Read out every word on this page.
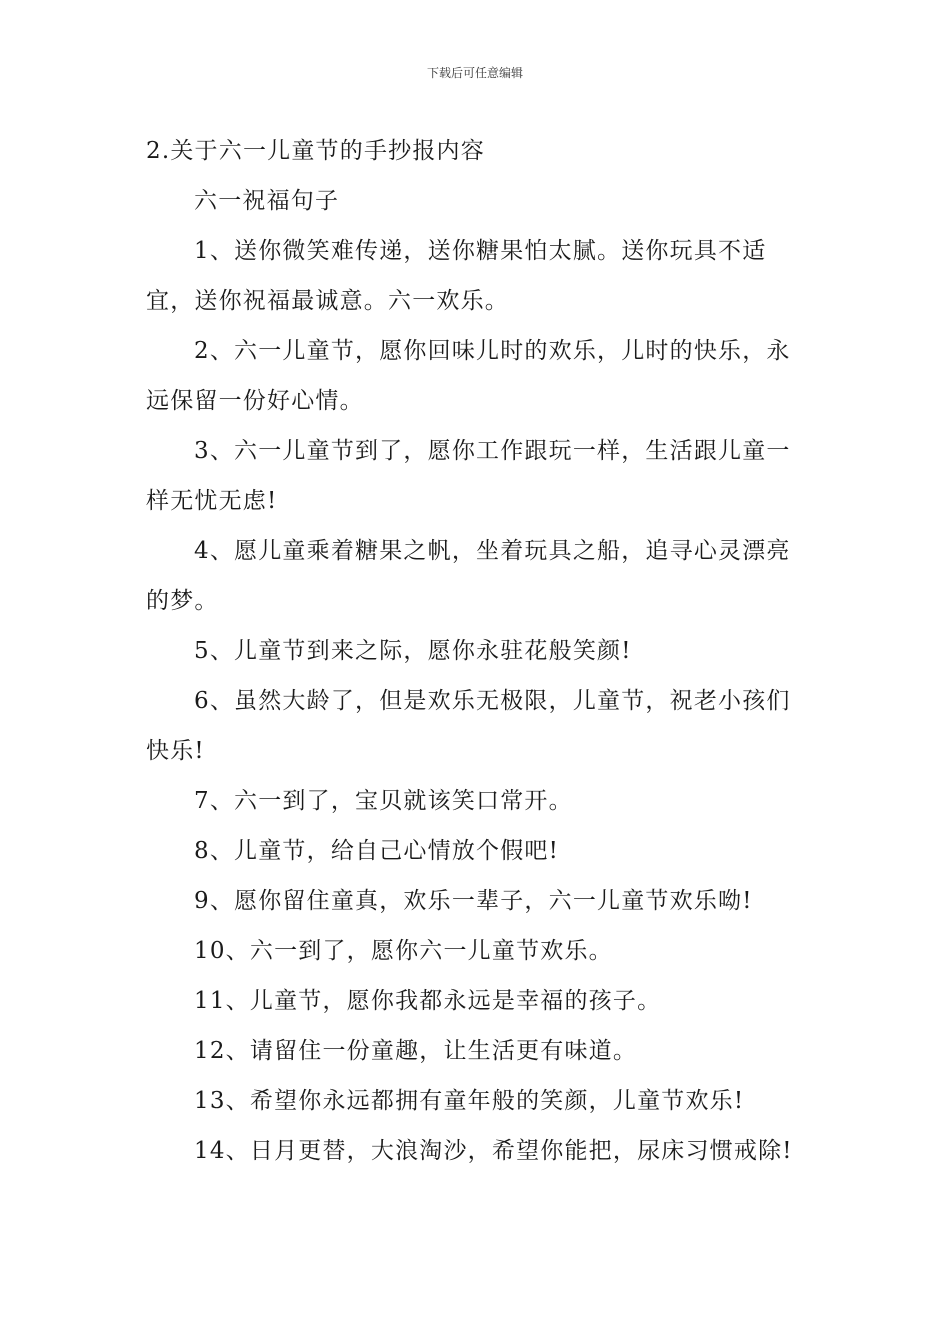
下载后可任意编辑
2.关于六一儿童节的手抄报内容

六一祝福句子

1、送你微笑难传递，送你糖果怕太腻。送你玩具不适宜，送你祝福最诚意。六一欢乐。

2、六一儿童节，愿你回味儿时的欢乐，儿时的快乐，永远保留一份好心情。

3、六一儿童节到了，愿你工作跟玩一样，生活跟儿童一样无忧无虑!

4、愿儿童乘着糖果之帆，坐着玩具之船，追寻心灵漂亮的梦。

5、儿童节到来之际，愿你永驻花般笑颜!

6、虽然大龄了，但是欢乐无极限，儿童节，祝老小孩们快乐!

7、六一到了，宝贝就该笑口常开。

8、儿童节，给自己心情放个假吧!

9、愿你留住童真，欢乐一辈子，六一儿童节欢乐呦!

10、六一到了，愿你六一儿童节欢乐。

11、儿童节，愿你我都永远是幸福的孩子。

12、请留住一份童趣，让生活更有味道。

13、希望你永远都拥有童年般的笑颜，儿童节欢乐!

14、日月更替，大浪淘沙，希望你能把，尿床习惯戒除!
